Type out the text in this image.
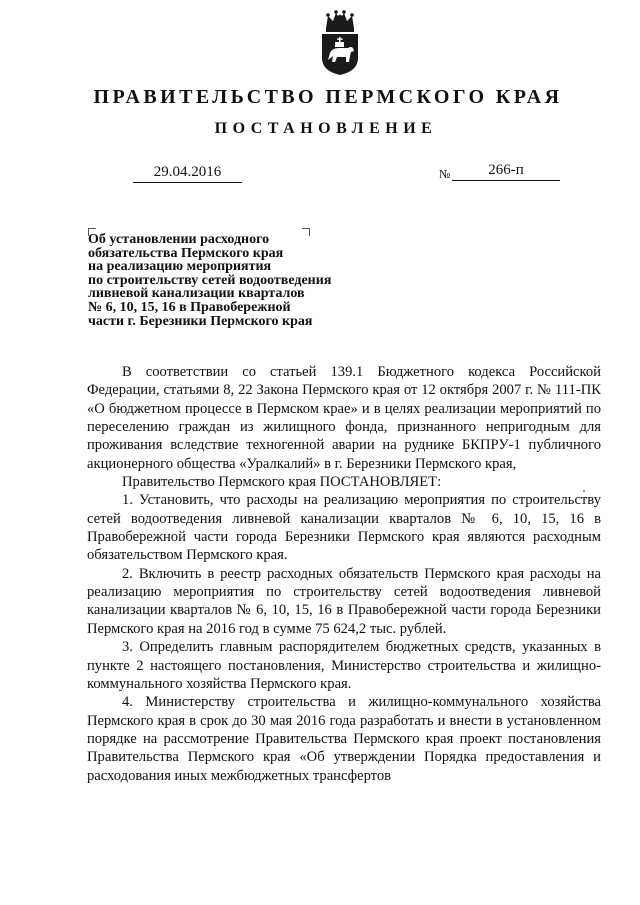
ПРАВИТЕЛЬСТВО ПЕРМСКОГО КРАЯ
ПОСТАНОВЛЕНИЕ
29.04.2016	№	266-п
Об установлении расходного
обязательства Пермского края
на реализацию мероприятия
по строительству сетей водоотведения
ливневой канализации кварталов
№ 6, 10, 15, 16 в Правобережной
части г. Березники Пермского края

В соответствии со статьей 139.1 Бюджетного кодекса Российской Федерации, статьями 8, 22 Закона Пермского края от 12 октября 2007 г. № 111-ПК «О бюджетном процессе в Пермском крае» и в целях реализации мероприятий по переселению граждан из жилищного фонда, признанного непригодным для проживания вследствие техногенной аварии на руднике БКПРУ-1 публичного акционерного общества «Уралкалий» в г. Березники Пермского края,

Правительство Пермского края ПОСТАНОВЛЯЕТ:

1. Установить, что расходы на реализацию мероприятия по строительству сетей водоотведения ливневой канализации кварталов № 6, 10, 15, 16 в Правобережной части города Березники Пермского края являются расходным обязательством Пермского края.

2. Включить в реестр расходных обязательств Пермского края расходы на реализацию мероприятия по строительству сетей водоотведения ливневой канализации кварталов № 6, 10, 15, 16 в Правобережной части города Березники Пермского края на 2016 год в сумме 75 624,2 тыс. рублей.

3. Определить главным распорядителем бюджетных средств, указанных в пункте 2 настоящего постановления, Министерство строительства и жилищно-коммунального хозяйства Пермского края.

4. Министерству строительства и жилищно-коммунального хозяйства Пермского края в срок до 30 мая 2016 года разработать и внести в установленном порядке на рассмотрение Правительства Пермского края проект постановления Правительства Пермского края «Об утверждении Порядка предоставления и расходования иных межбюджетных трансфертов
